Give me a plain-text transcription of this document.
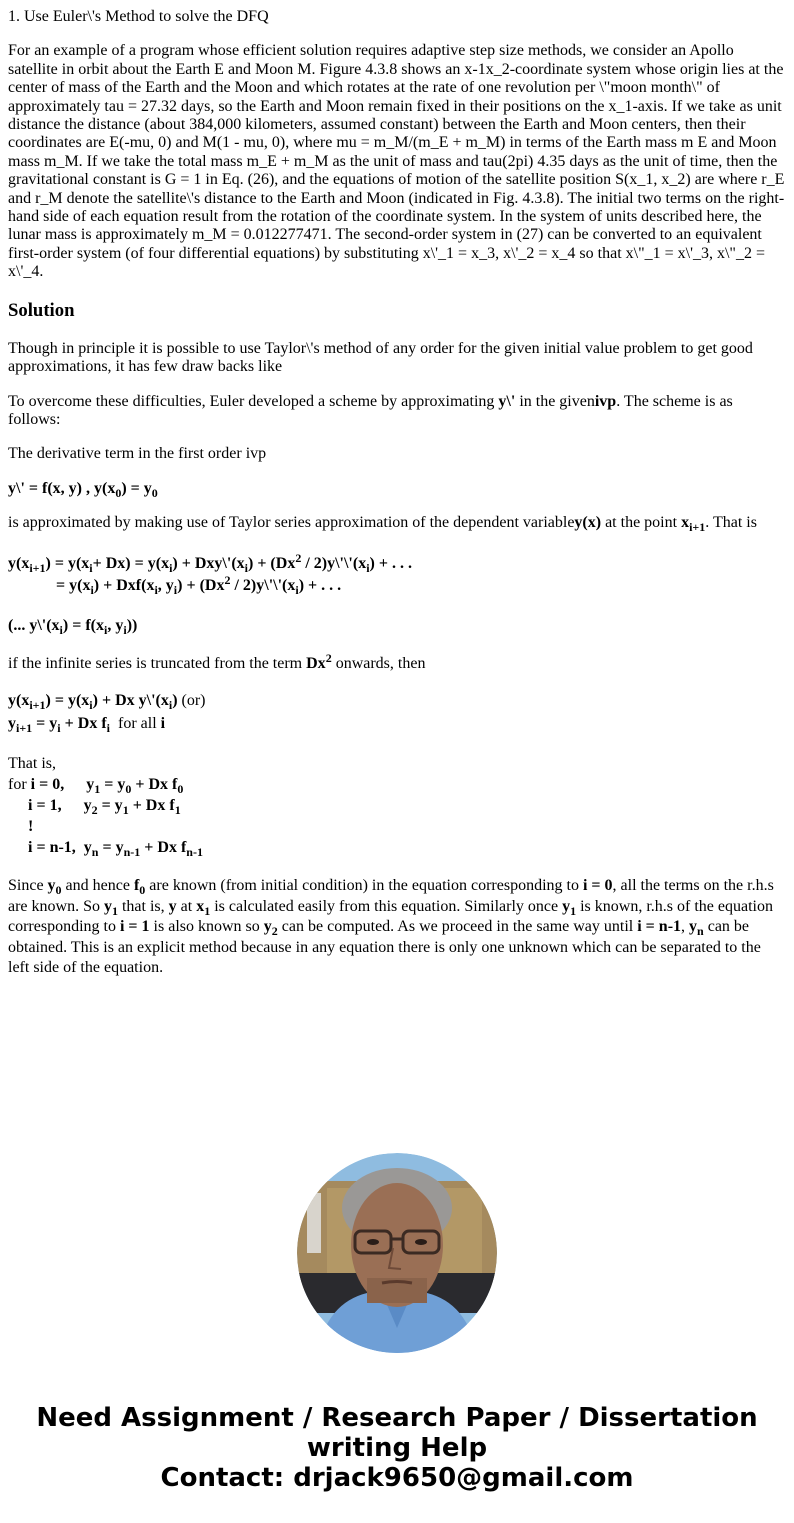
1. Use Euler\'s Method to solve the DFQ

For an example of a program whose efficient solution requires adaptive step size methods, we consider an Apollo satellite in orbit about the Earth E and Moon M. Figure 4.3.8 shows an x-1x_2-coordinate system whose origin lies at the center of mass of the Earth and the Moon and which rotates at the rate of one revolution per \"moon month\" of approximately tau = 27.32 days, so the Earth and Moon remain fixed in their positions on the x_1-axis. If we take as unit distance the distance (about 384,000 kilometers, assumed constant) between the Earth and Moon centers, then their coordinates are E(-mu, 0) and M(1 - mu, 0), where mu = m_M/(m_E + m_M) in terms of the Earth mass m E and Moon mass m_M. If we take the total mass m_E + m_M as the unit of mass and tau(2pi) 4.35 days as the unit of time, then the gravitational constant is G = 1 in Eq. (26), and the equations of motion of the satellite position S(x_1, x_2) are where r_E and r_M denote the satellite\'s distance to the Earth and Moon (indicated in Fig. 4.3.8). The initial two terms on the right-hand side of each equation result from the rotation of the coordinate system. In the system of units described here, the lunar mass is approximately m_M = 0.012277471. The second-order system in (27) can be converted to an equivalent first-order system (of four differential equations) by substituting x\'_1 = x_3, x\'_2 = x_4 so that x\"_1 = x\'_3, x\"_2 = x\'_4.

Solution

Though in principle it is possible to use Taylor\'s method of any order for the given initial value problem to get good approximations, it has few draw backs like

To overcome these difficulties, Euler developed a scheme by approximating y\' in the givenivp. The scheme is as follows:

The derivative term in the first order ivp

y\' = f(x, y) , $y(x_0) = y_0$

is approximated by making use of Taylor series approximation of the dependent variabley(x) at the point $x_{i+1}$. That is

$y(x_{i+1}) = y(x_i+ Dx) = y(x_i)$ + $Dxy\backslash'(x_i) + (Dx^2$ / $2)y\backslash'\backslash'(x_i)$ + . . .
= $y(x_i) + Dxf(x_i$, $y_i) + (Dx^2$ / $2)y\backslash'\backslash'(x_i)$ + . . .

(... $y\backslash'(x_i) = f(x_i$, $y_i$))

if the infinite series is truncated from the term Dx$^2$ onwards, then

$y(x_{i+1}) = y(x_i) + Dx$ $y\backslash'(x_i)$ (or)
$y_{i+1} = y_i + Dx$ $f_i$ for all i
That is,
for i = 0, $y_1 = y_0 + Dx$ $f_0$
i = 1, $y_2 = y_1 + Dx$ $f_1$
!
i = n-1, $y_n = y_{n-1} + Dx$ $f_{n-1}$

Since $y_0$ and hence $f_0$ are known (from initial condition) in the equation corresponding to i = 0, all the terms on the r.h.s are known. So $y_1$ that is, y at $x_1$ is calculated easily from this equation. Similarly once $y_1$ is known, r.h.s of the equation corresponding to i = 1 is also known so $y_2$ can be computed. As we proceed in the same way until i = n-1, $y_n$ can be obtained. This is an explicit method because in any equation there is only one unknown which can be separated to the left side of the equation.

Need Assignment / Research Paper / Dissertation
writing Help
Contact: drjack9650@gmail.com
